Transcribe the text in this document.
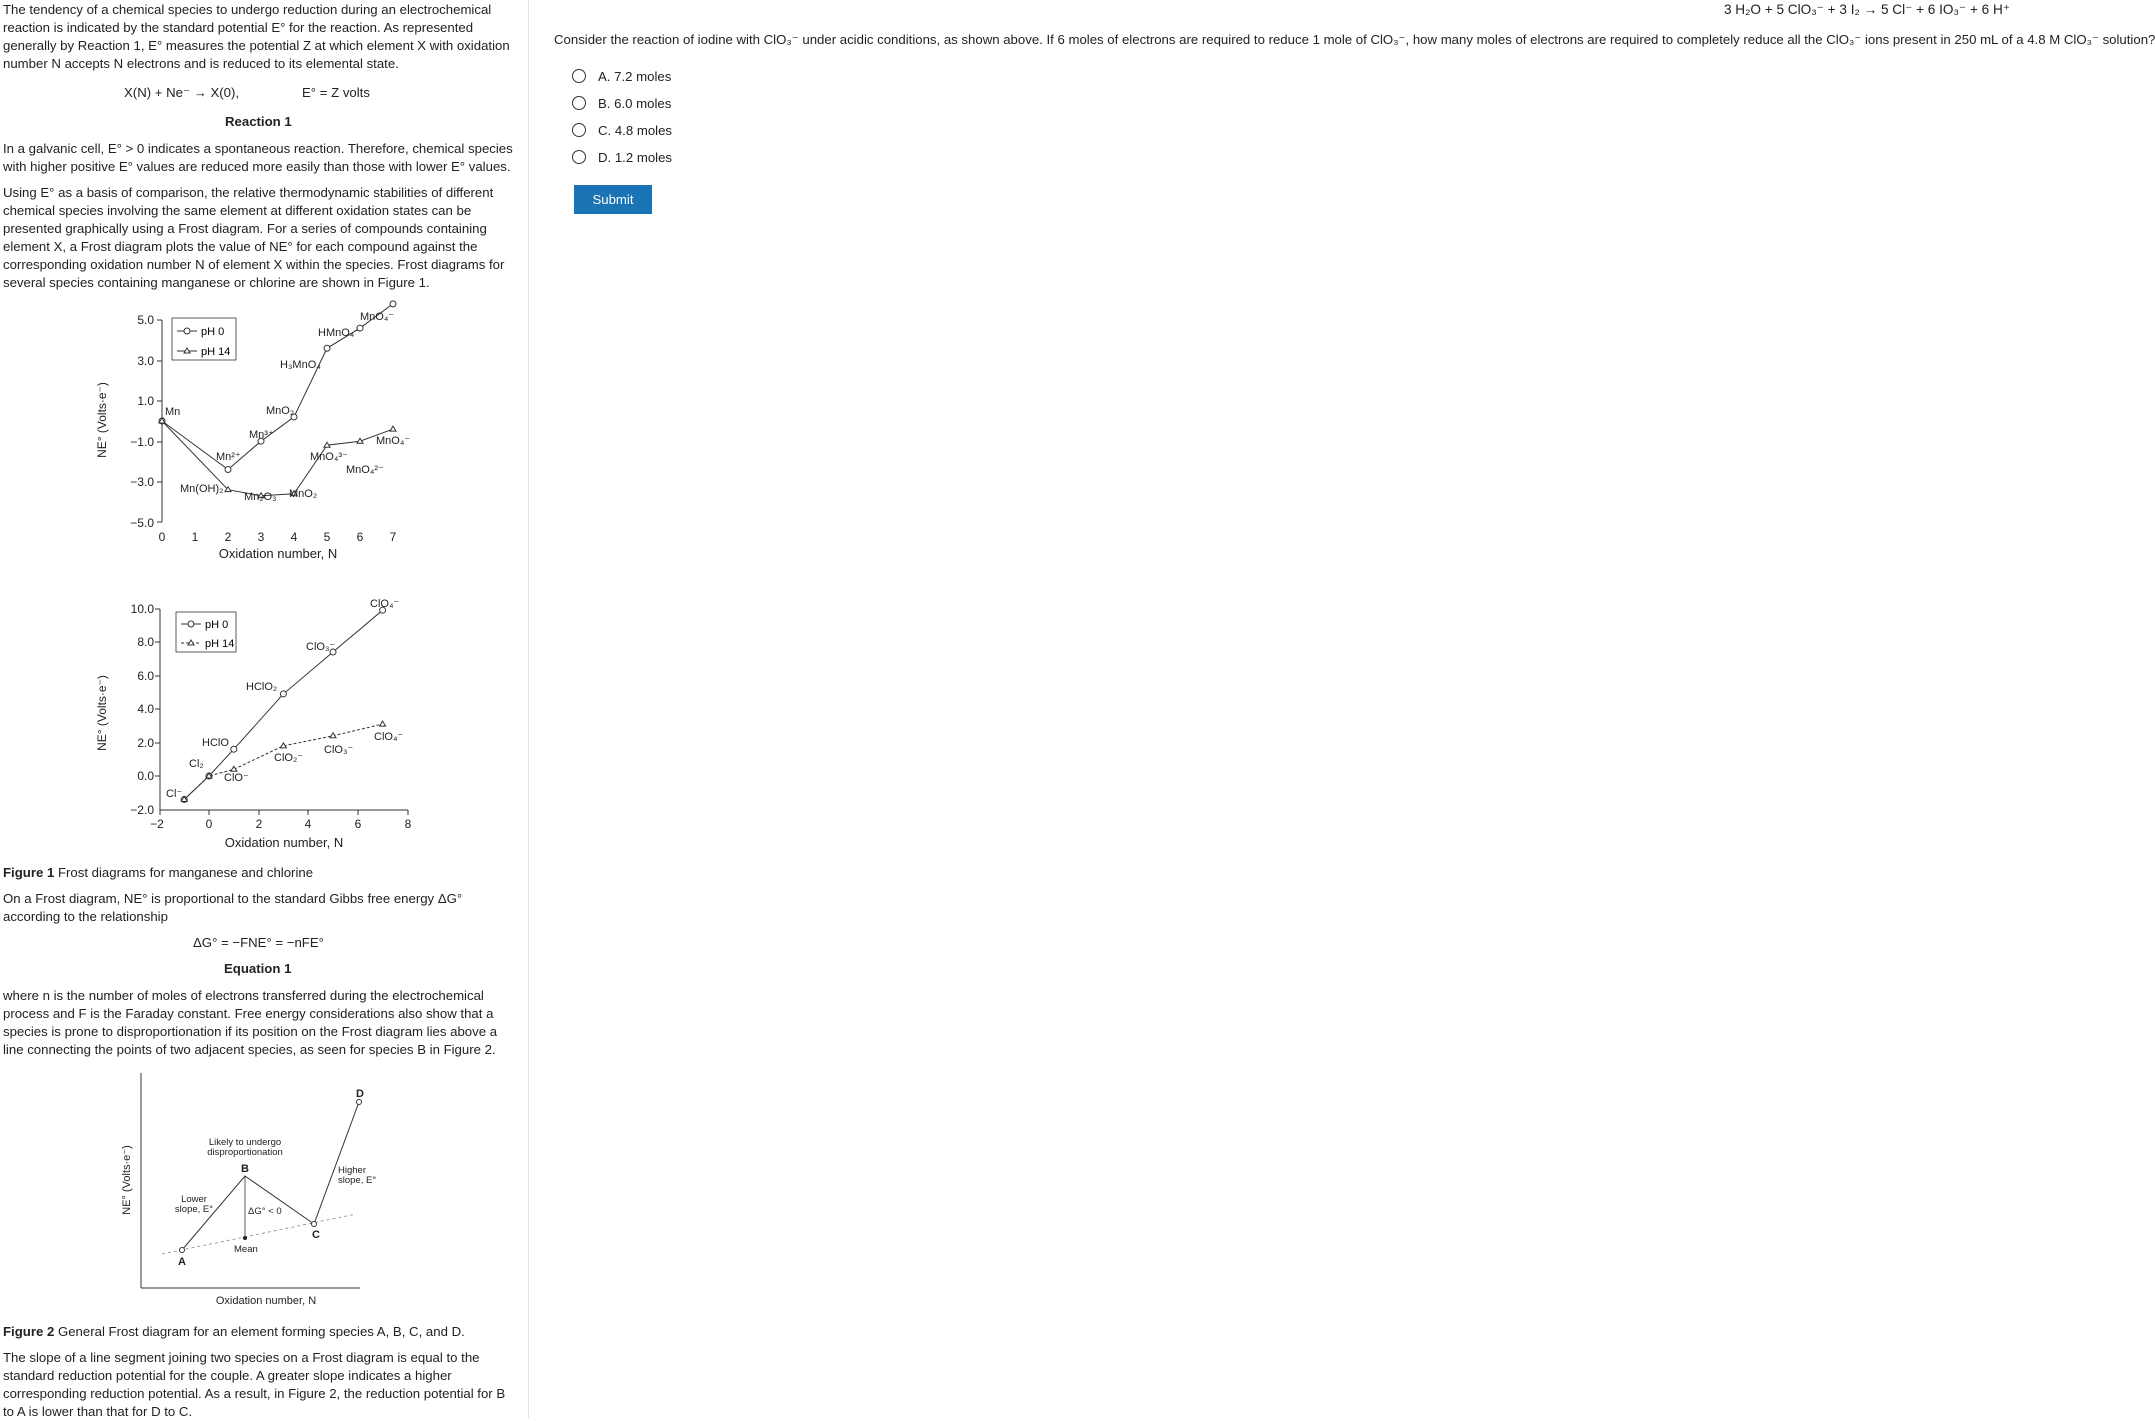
The tendency of a chemical species to undergo reduction during an electrochemical reaction is indicated by the standard potential E° for the reaction. As represented generally by Reaction 1, E° measures the potential Z at which element X with oxidation number N accepts N electrons and is reduced to its elemental state.

X(N) + Ne⁻ → X(0),	E° = Z volts
Reaction 1

In a galvanic cell, E° > 0 indicates a spontaneous reaction. Therefore, chemical species with higher positive E° values are reduced more easily than those with lower E° values.

Using E° as a basis of comparison, the relative thermodynamic stabilities of different chemical species involving the same element at different oxidation states can be presented graphically using a Frost diagram. For a series of compounds containing element X, a Frost diagram plots the value of NE° for each compound against the corresponding oxidation number N of element X within the species. Frost diagrams for several species containing manganese or chlorine are shown in Figure 1.

5.0
3.0
1.0
−1.0
−3.0
−5.0
0 1 2 3 4 5 6 7
Oxidation number, N
NE° (Volts·e⁻)
pH 0
pH 14
Mn
Mn²⁺
Mn³⁺
MnO₂
H₃MnO₄
HMnO₄⁻
MnO₄⁻
Mn(OH)₂
Mn₂O₃ MnO₂
MnO₄³⁻
MnO₄²⁻
MnO₄⁻
10.0
8.0
6.0
4.0
2.0
0.0
−2.0
−2	0	2	4	6	8
Oxidation number, N
NE° (Volts·e⁻)
pH 0
pH 14
Cl⁻
Cl₂
HClO
HClO₂
ClO₃⁻
ClO₄⁻
ClO⁻
ClO₂⁻
ClO₃⁻
ClO₄⁻
Figure 1 Frost diagrams for manganese and chlorine

On a Frost diagram, NE° is proportional to the standard Gibbs free energy ΔG° according to the relationship

ΔG° = −FNE° = −nFE°
Equation 1

where n is the number of moles of electrons transferred during the electrochemical process and F is the Faraday constant. Free energy considerations also show that a species is prone to disproportionation if its position on the Frost diagram lies above a line connecting the points of two adjacent species, as seen for species B in Figure 2.

NE° (Volts·e⁻)
Oxidation number, N
A
B
C
D
Likely to undergo disproportionation
Lower slope, E°
Higher slope, E°
ΔG° < 0
Mean
Figure 2 General Frost diagram for an element forming species A, B, C, and D.

The slope of a line segment joining two species on a Frost diagram is equal to the standard reduction potential for the couple. A greater slope indicates a higher corresponding reduction potential. As a result, in Figure 2, the reduction potential for B to A is lower than that for D to C.

3 H₂O + 5 ClO₃⁻ + 3 I₂ → 5 Cl⁻ + 6 IO₃⁻ + 6 H⁺
Consider the reaction of iodine with ClO₃⁻ under acidic conditions, as shown above. If 6 moles of electrons are required to reduce 1 mole of ClO₃⁻, how many moles of electrons are required to completely reduce all the ClO₃⁻ ions present in 250 mL of a 4.8 M ClO₃⁻ solution?
A. 7.2 moles
B. 6.0 moles
C. 4.8 moles
D. 1.2 moles
Submit
